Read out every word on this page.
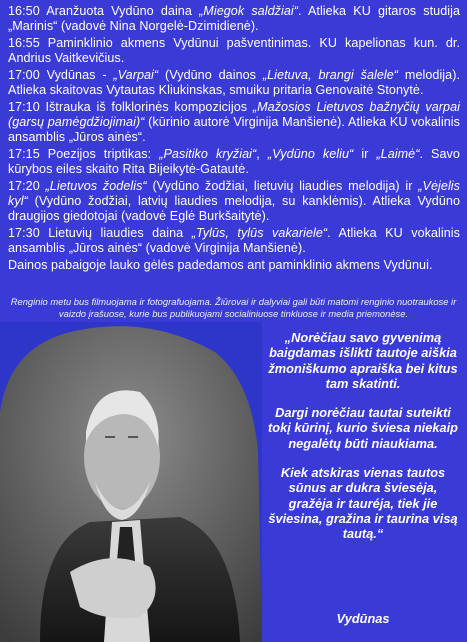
16:50 Aranžuota Vydūno daina „Miegok saldžiai“. Atlieka KU gitaros studija „Marinis“ (vadovė Nina Norgelė-Dzimidienė).

16:55 Paminklinio akmens Vydūnui pašventinimas. KU kapelionas kun. dr. Andrius Vaitkevičius.

17:00 Vydūnas - „Varpai“ (Vydūno dainos „Lietuva, brangi šalele“ melodija). Atlieka skaitovas Vytautas Kliukinskas, smuiku pritaria Genovaitė Stonytė.

17:10 Ištrauka iš folklorinės kompozicijos „Mažosios Lietuvos bažnyčių varpai (garsų pamėgdžiojimai)“ (kūrinio autorė Virginija Manšienė). Atlieka KU vokalinis ansamblis „Jūros ainės“.

17:15 Poezijos triptikas: „Pasitiko kryžiai“, „Vydūno keliu“ ir „Laimė“. Savo kūrybos eiles skaito Rita Bijeikytė-Gatautė.

17:20 „Lietuvos žodelis“ (Vydūno žodžiai, lietuvių liaudies melodija) ir „Vėjelis kyl“ (Vydūno žodžiai, latvių liaudies melodija, su kanklėmis). Atlieka Vydūno draugijos giedotojai (vadovė Eglė Burkšaitytė).

17:30 Lietuvių liaudies daina „Tylūs, tylūs vakariele“. Atlieka KU vokalinis ansamblis „Jūros ainės“ (vadovė Virginija Manšienė).

Dainos pabaigoje lauko gėlės padedamos ant paminklinio akmens Vydūnui.

Renginio metu bus filmuojama ir fotografuojama. Žiūrovai ir dalyviai gali būti matomi renginio nuotraukose ir vaizdo įrašuose, kurie bus publikuojami socialiniuose tinkluose ir media priemonėse.

„Norėčiau savo gyvenimą baigdamas išlikti tautoje aiškia žmoniškumo apraiška bei kitus tam skatinti.

Dargi norėčiau tautai suteikti tokį kūrinį, kurio šviesa niekaip negalėtų būti niaukiama.

Kiek atskiras vienas tautos sūnus ar dukra šviesėja, gražėja ir tauréja, tiek jie šviesina, gražina ir taurina visą tautą.“

Vydūnas
